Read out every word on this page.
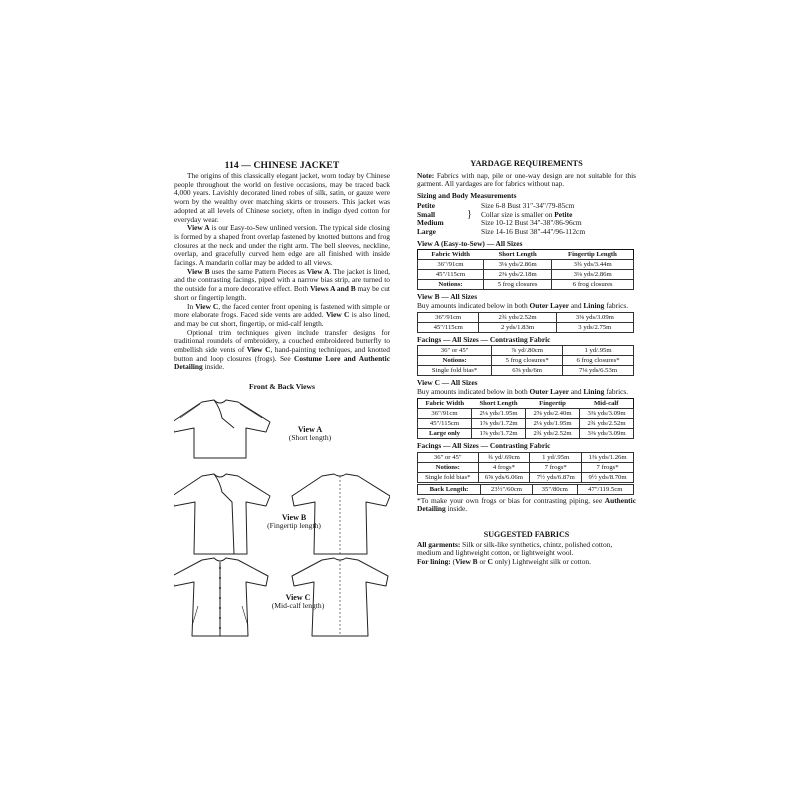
114 — CHINESE JACKET

The origins of this classically elegant jacket, worn today by Chinese people throughout the world on festive occasions, may be traced back 4,000 years. Lavishly decorated lined robes of silk, satin, or gauze were worn by the wealthy over matching skirts or trousers. This jacket was adopted at all levels of Chinese society, often in indigo dyed cotton for everyday wear.

View A is our Easy-to-Sew unlined version. The typical side closing is formed by a shaped front overlap fastened by knotted buttons and frog closures at the neck and under the right arm. The bell sleeves, neckline, overlap, and gracefully curved hem edge are all finished with inside facings. A mandarin collar may be added to all views.

View B uses the same Pattern Pieces as View A. The jacket is lined, and the contrasting facings, piped with a narrow bias strip, are turned to the outside for a more decorative effect. Both Views A and B may be cut short or fingertip length.

In View C, the faced center front opening is fastened with simple or more elaborate frogs. Faced side vents are added. View C is also lined, and may be cut short, fingertip, or mid-calf length.

Optional trim techniques given include transfer designs for traditional roundels of embroidery, a couched embroidered butterfly to embellish side vents of View C, hand-painting techniques, and knotted button and loop closures (frogs). See Costume Lore and Authentic Detailing inside.

Front & Back Views
View A
(Short length)
View B
(Fingertip length)
View C
(Mid-calf length)
YARDAGE REQUIREMENTS

Note: Fabrics with nap, pile or one-way design are not suitable for this garment. All yardages are for fabrics without nap.

Sizing and Body Measurements
Petite	Size 6-8 Bust 31"-34"/79-85cm
Small	}	Collar size is smaller on Petite
Medium	Size 10-12 Bust 34"-38"/86-96cm
Large	Size 14-16 Bust 38"-44"/96-112cm
View A (Easy-to-Sew) — All Sizes
Fabric Width	Short Length	Fingertip Length
36"/91cm	3⅛ yds/2.86m	3¾ yds/3.44m
45"/115cm	2⅜ yds/2.18m	3⅛ yds/2.86m
Notions:	5 frog closures	6 frog closures
View B — All Sizes

Buy amounts indicated below in both Outer Layer and Lining fabrics.

36"/91cm	2¾ yds/2.52m	3⅜ yds/3.09m
45"/115cm	2 yds/1.83m	3 yds/2.75m
Facings — All Sizes — Contrasting Fabric
36" or 45"	⅞ yd/.80cm	1 yd/.95m
Notions:	5 frog closures*	6 frog closures*
Single fold bias*	6⅝ yds/6m	7⅛ yds/6.53m
View C — All Sizes

Buy amounts indicated below in both Outer Layer and Lining fabrics.

Fabric Width	Short Length	Fingertip	Mid-calf
36"/91cm	2⅛ yds/1.95m	2⅝ yds/2.40m	3⅜ yds/3.09m
45"/115cm	1⅞ yds/1.72m	2⅛ yds/1.95m	2¾ yds/2.52m
Large only	1⅞ yds/1.72m	2¾ yds/2.52m	3⅜ yds/3.09m
Facings — All Sizes — Contrasting Fabric
36" or 45"	¾ yd/.69cm	1 yd/.95m	1⅜ yds/1.26m
Notions:	4 frogs*	7 frogs*	7 frogs*
Single fold bias*	6⅝ yds/6.06m	7½ yds/6.87m	9½ yds/8.70m
Back Length:	23½"/60cm	35"/80cm	47"/119.5cm

*To make your own frogs or bias for contrasting piping, see Authentic Detailing inside.

SUGGESTED FABRICS

All garments: Silk or silk-like synthetics, chintz, polished cotton, medium and lightweight cotton, or lightweight wool.

For lining: (View B or C only) Lightweight silk or cotton.
